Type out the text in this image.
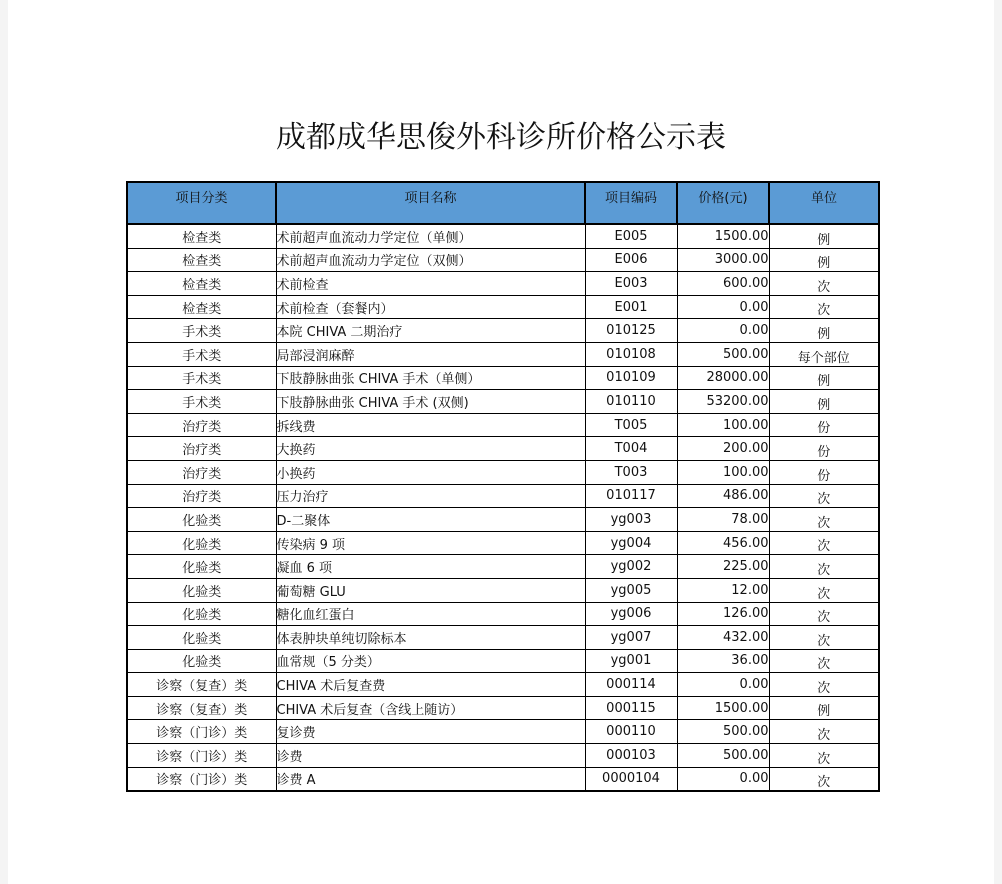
成都成华思俊外科诊所价格公示表
项目分类	项目名称	项目编码	价格(元)	单位
检查类	术前超声血流动力学定位（单侧）	E005	1500.00	例
检查类	术前超声血流动力学定位（双侧）	E006	3000.00	例
检查类	术前检查	E003	600.00	次
检查类	术前检查（套餐内）	E001	0.00	次
手术类	本院 CHIVA 二期治疗	010125	0.00	例
手术类	局部浸润麻醉	010108	500.00	每个部位
手术类	下肢静脉曲张 CHIVA 手术（单侧）	010109	28000.00	例
手术类	下肢静脉曲张 CHIVA 手术 (双侧)	010110	53200.00	例
治疗类	拆线费	T005	100.00	份
治疗类	大换药	T004	200.00	份
治疗类	小换药	T003	100.00	份
治疗类	压力治疗	010117	486.00	次
化验类	D-二聚体	yg003	78.00	次
化验类	传染病 9 项	yg004	456.00	次
化验类	凝血 6 项	yg002	225.00	次
化验类	葡萄糖 GLU	yg005	12.00	次
化验类	糖化血红蛋白	yg006	126.00	次
化验类	体表肿块单纯切除标本	yg007	432.00	次
化验类	血常规（5 分类）	yg001	36.00	次
诊察（复查）类	CHIVA 术后复查费	000114	0.00	次
诊察（复查）类	CHIVA 术后复查（含线上随访）	000115	1500.00	例
诊察（门诊）类	复诊费	000110	500.00	次
诊察（门诊）类	诊费	000103	500.00	次
诊察（门诊）类	诊费 A	0000104	0.00	次
